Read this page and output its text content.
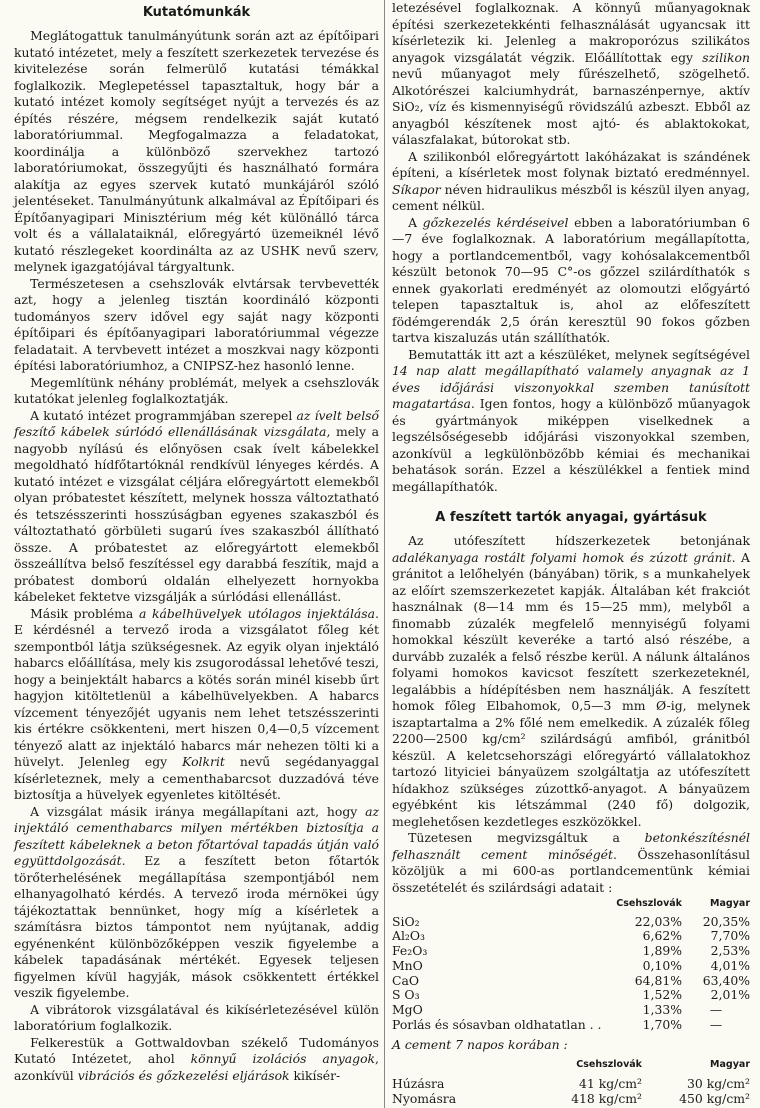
Kutatómunkák

Meglátogattuk tanulmányútunk során azt az építőipari kutató intézetet, mely a feszített szerkezetek tervezése és kivitelezése során felmerülő kutatási témákkal foglalkozik. Meglepetéssel tapasztaltuk, hogy bár a kutató intézet komoly segítséget nyújt a tervezés és az építés részére, mégsem rendelkezik saját kutató laboratóriummal. Megfogalmazza a feladatokat, koordinálja a különböző szervekhez tartozó laboratóriumokat, összegyűjti és használható formára alakítja az egyes szervek kutató munkájáról szóló jelentéseket. Tanulmányútunk alkalmával az Építőipari és Építőanyagipari Minisztérium még két különálló tárca volt és a vállalataiknál, előregyártó üzemeiknél lévő kutató részlegeket koordinálta az az USHK nevű szerv, melynek igazgatójával tárgyaltunk.

Természetesen a csehszlovák elvtársak tervbevették azt, hogy a jelenleg tisztán koordináló központi tudományos szerv idővel egy saját nagy központi építőipari és építőanyagipari laboratóriummal végezze feladatait. A tervbevett intézet a moszkvai nagy központi építési laboratóriumhoz, a CNIPSZ-hez hasonló lenne.

Megemlítünk néhány problémát, melyek a csehszlovák kutatókat jelenleg foglalkoztatják.

A kutató intézet programmjában szerepel az ívelt belső feszítő kábelek súrlódó ellenállásának vizsgálata, mely a nagyobb nyílású és előnyösen csak ívelt kábelekkel megoldható hídfőtartóknál rendkívül lényeges kérdés. A kutató intézet e vizsgálat céljára előregyártott elemekből olyan próbatestet készített, melynek hossza változtatható és tetszésszerinti hosszúságban egyenes szakaszból és változtatható görbületi sugarú íves szakaszból állítható össze. A próbatestet az előregyártott elemekből összeállítva belső feszítéssel egy darabbá feszítik, majd a próbatest domború oldalán elhelyezett hornyokba kábeleket fektetve vizsgálják a súrlódási ellenállást.

Másik probléma a kábelhüvelyek utólagos injektálása. E kérdésnél a tervező iroda a vizsgálatot főleg két szempontból látja szükségesnek. Az egyik olyan injektáló habarcs előállítása, mely kis zsugorodással lehetővé teszi, hogy a beinjektált habarcs a kötés során minél kisebb űrt hagyjon kitöltetlenül a kábelhüvelyekben. A habarcs vízcement tényezőjét ugyanis nem lehet tetszésszerinti kis értékre csökkenteni, mert hiszen 0,4—0,5 vízcement tényező alatt az injektáló habarcs már nehezen tölti ki a hüvelyt. Jelenleg egy Kolkrit nevű segédanyaggal kísérleteznek, mely a cementhabarcsot duzzadóvá téve biztosítja a hüvelyek egyenletes kitöltését.

A vizsgálat másik iránya megállapítani azt, hogy az injektáló cementhabarcs milyen mértékben biztosítja a feszített kábeleknek a beton főtartóval tapadás útján való együttdolgozását. Ez a feszített beton főtartók törőterhelésének megállapítása szempontjából nem elhanyagolható kérdés. A tervező iroda mérnökei úgy tájékoztattak bennünket, hogy míg a kísérletek a számításra biztos támpontot nem nyújtanak, addig egyénenként különbözőképpen veszik figyelembe a kábelek tapadásának mértékét. Egyesek teljesen figyelmen kívül hagyják, mások csökkentett értékkel veszik figyelembe.

A vibrátorok vizsgálatával és kikísérletezésével külön laboratórium foglalkozik.

Felkerestük a Gottwaldovban székelő Tudományos Kutató Intézetet, ahol könnyű izolációs anyagok, azonkívül vibrációs és gőzkezelési eljárások kikísér-

letezésével foglalkoznak. A könnyű műanyagoknak építési szerkezetekkénti felhasználását ugyancsak itt kísérletezik ki. Jelenleg a makroporózus szilikátos anyagok vizsgálatát végzik. Előállítottak egy szilikon nevű műanyagot mely fűrészelhető, szögelhető. Alkotórészei kalciumhydrát, barnaszénpernye, aktív SiO₂, víz és kismennyiségű rövidszálú azbeszt. Ebből az anyagból készítenek most ajtó- és ablaktokokat, válaszfalakat, bútorokat stb.

A szilikonból előregyártott lakóházakat is szándének építeni, a kísérletek most folynak biztató eredménnyel. Síkapor néven hidraulikus mészből is készül ilyen anyag, cement nélkül.

A gőzkezelés kérdéseivel ebben a laboratóriumban 6—7 éve foglalkoznak. A laboratórium megállapította, hogy a portlandcementből, vagy kohósalakcementből készült betonok 70—95 C°-os gőzzel szilárdíthatók s ennek gyakorlati eredményét az olomoutzi előgyártó telepen tapasztaltuk is, ahol az előfeszített födémgerendák 2,5 órán keresztül 90 fokos gőzben tartva kiszaluzás után szállíthatók.

Bemutatták itt azt a készüléket, melynek segítségével 14 nap alatt megállapítható valamely anyagnak az 1 éves időjárási viszonyokkal szemben tanúsított magatartása. Igen fontos, hogy a különböző műanyagok és gyártmányok miképpen viselkednek a legszélsőségesebb időjárási viszonyokkal szemben, azonkívül a legkülönbözőbb kémiai és mechanikai behatások során. Ezzel a készülékkel a fentiek mind megállapíthatók.

A feszített tartók anyagai, gyártásuk

Az utófeszített hídszerkezetek betonjának adalékanyaga rostált folyami homok és zúzott gránit. A gránitot a lelőhelyén (bányában) törik, s a munkahelyek az előírt szemszerkezetet kapják. Általában két frakciót használnak (8—14 mm és 15—25 mm), melyből a finomabb zúzalék megfelelő mennyiségű folyami homokkal készült keveréke a tartó alsó részébe, a durvább zuzalék a felső részbe kerül. A nálunk általános folyami homokos kavicsot feszített szerkezeteknél, legalábbis a hídépítésben nem használják. A feszített homok főleg Elbahomok, 0,5—3 mm Ø-ig, melynek iszaptartalma a 2% főlé nem emelkedik. A zúzalék főleg 2200—2500 kg/cm² szilárdságú amfiból, gránitból készül. A keletcsehországi előregyártó vállalatokhoz tartozó lityiciei bányaüzem szolgáltatja az utófeszített hídakhoz szükséges zúzottkő-anyagot. A bányaüzem egyébként kis létszámmal (240 fő) dolgozik, meglehetősen kezdetleges eszközökkel.

Tüzetesen megvizsgáltuk a betonkészítésnél felhasznált cement minőségét. Összehasonlításul közöljük a mi 600-as portlandcementünk kémiai összetételét és szilárdsági adatait :

	Csehszlovák	Magyar
SiO₂	22,03%	20,35%
Al₂O₃	6,62%	7,70%
Fe₂O₃	1,89%	2,53%
MnO	0,10%	4,01%
CaO	64,81%	63,40%
S O₃	1,52%	2,01%
MgO	1,33%	—
Porlás és sósavban oldhatatlan . .	1,70%	—

A cement 7 napos korában :

	Csehszlovák	Magyar
Húzásra	41 kg/cm²	30 kg/cm²
Nyomásra	418 kg/cm²	450 kg/cm²
